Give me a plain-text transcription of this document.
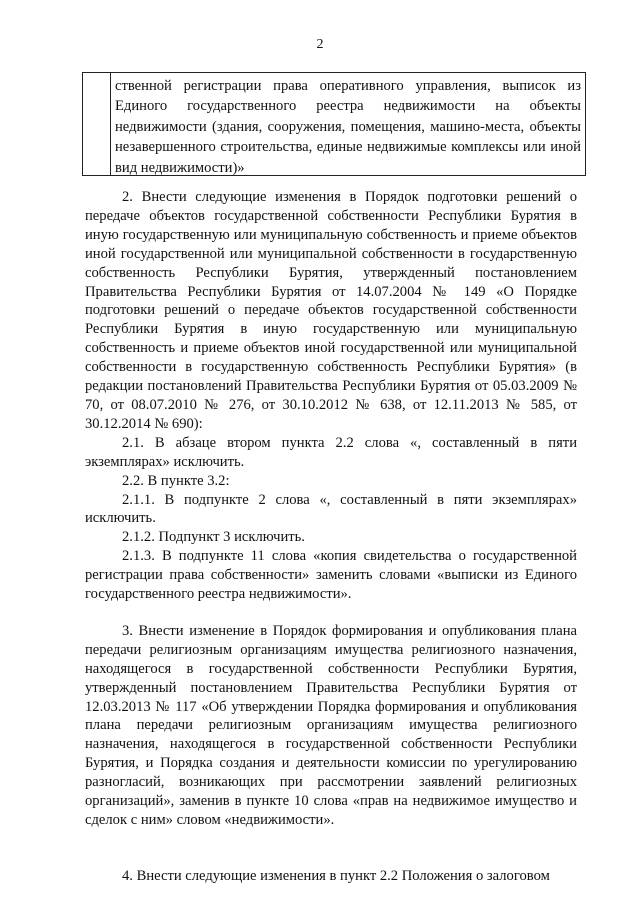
2
ственной регистрации права оперативного управления, выписок из Единого государственного реестра недвижимости на объекты недвижимости (здания, сооружения, помещения, машино-места, объекты незавершенного строительства, единые недвижимые комплексы или иной вид недвижимости)»

2. Внести следующие изменения в Порядок подготовки решений о передаче объектов государственной собственности Республики Бурятия в иную государственную или муниципальную собственность и приеме объектов иной государственной или муниципальной собственности в государственную собственность Республики Бурятия, утвержденный постановлением Правительства Республики Бурятия от 14.07.2004 № 149 «О Порядке подготовки решений о передаче объектов государственной собственности Республики Бурятия в иную государственную или муниципальную собственность и приеме объектов иной государственной или муниципальной собственности в государственную собственность Республики Бурятия» (в редакции постановлений Правительства Республики Бурятия от 05.03.2009 № 70, от 08.07.2010 № 276, от 30.10.2012 № 638, от 12.11.2013 № 585, от 30.12.2014 № 690):

2.1. В абзаце втором пункта 2.2 слова «, составленный в пяти экземплярах» исключить.

2.2. В пункте 3.2:

2.1.1. В подпункте 2 слова «, составленный в пяти экземплярах» исключить.

2.1.2. Подпункт 3 исключить.

2.1.3. В подпункте 11 слова «копия свидетельства о государственной регистрации права собственности» заменить словами «выписки из Единого государственного реестра недвижимости».

3. Внести изменение в Порядок формирования и опубликования плана передачи религиозным организациям имущества религиозного назначения, находящегося в государственной собственности Республики Бурятия, утвержденный постановлением Правительства Республики Бурятия от 12.03.2013 № 117 «Об утверждении Порядка формирования и опубликования плана передачи религиозным организациям имущества религиозного назначения, находящегося в государственной собственности Республики Бурятия, и Порядка создания и деятельности комиссии по урегулированию разногласий, возникающих при рассмотрении заявлений религиозных организаций», заменив в пункте 10 слова «прав на недвижимое имущество и сделок с ним» словом «недвижимости».

4. Внести следующие изменения в пункт 2.2 Положения о залоговом
